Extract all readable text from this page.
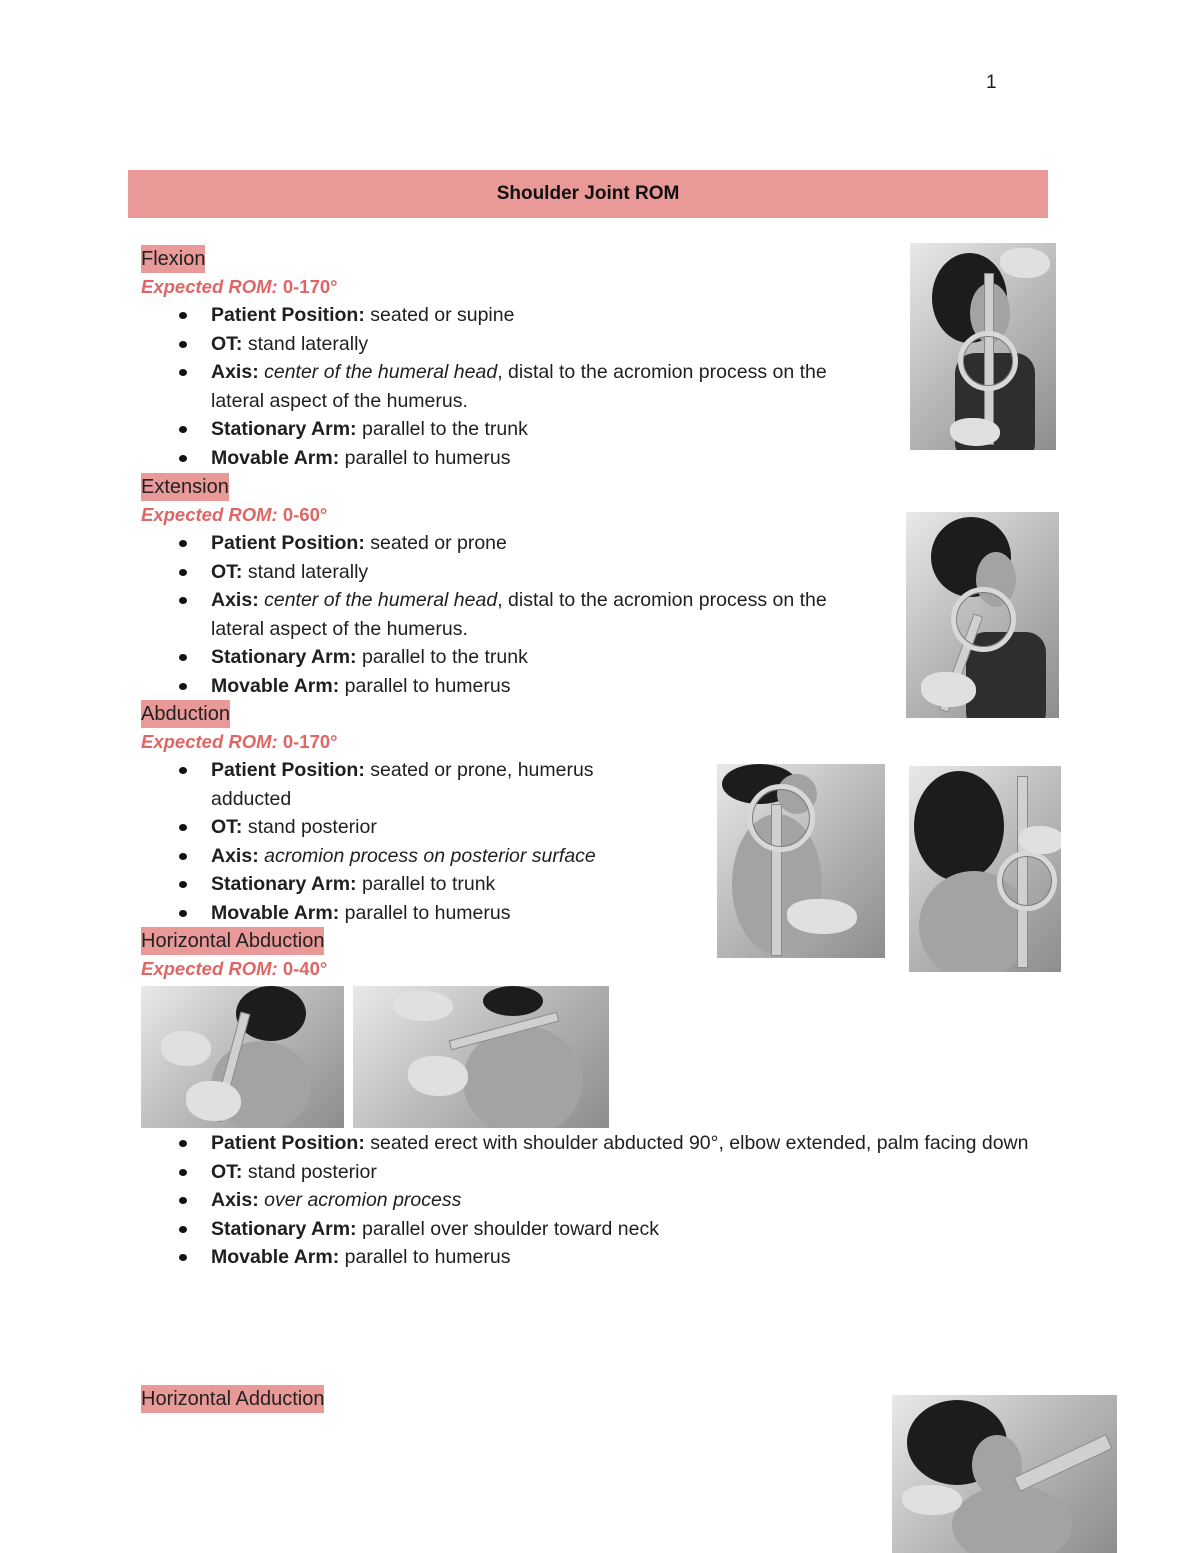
1
Shoulder Joint ROM
Flexion
Expected ROM: 0-170°
Patient Position: seated or supine
OT: stand laterally
Axis: center of the humeral head, distal to the acromion process on the lateral aspect of the humerus.
Stationary Arm: parallel to the trunk
Movable Arm: parallel to humerus
Extension
Expected ROM: 0-60°
Patient Position: seated or prone
OT: stand laterally
Axis: center of the humeral head, distal to the acromion process on the lateral aspect of the humerus.
Stationary Arm: parallel to the trunk
Movable Arm: parallel to humerus
Abduction
Expected ROM: 0-170°
Patient Position: seated or prone, humerus adducted
OT: stand posterior
Axis: acromion process on posterior surface
Stationary Arm: parallel to trunk
Movable Arm: parallel to humerus
Horizontal Abduction
Expected ROM: 0-40°
Patient Position: seated erect with shoulder abducted 90°, elbow extended, palm facing down
OT: stand posterior
Axis: over acromion process
Stationary Arm: parallel over shoulder toward neck
Movable Arm: parallel to humerus
Horizontal Adduction
